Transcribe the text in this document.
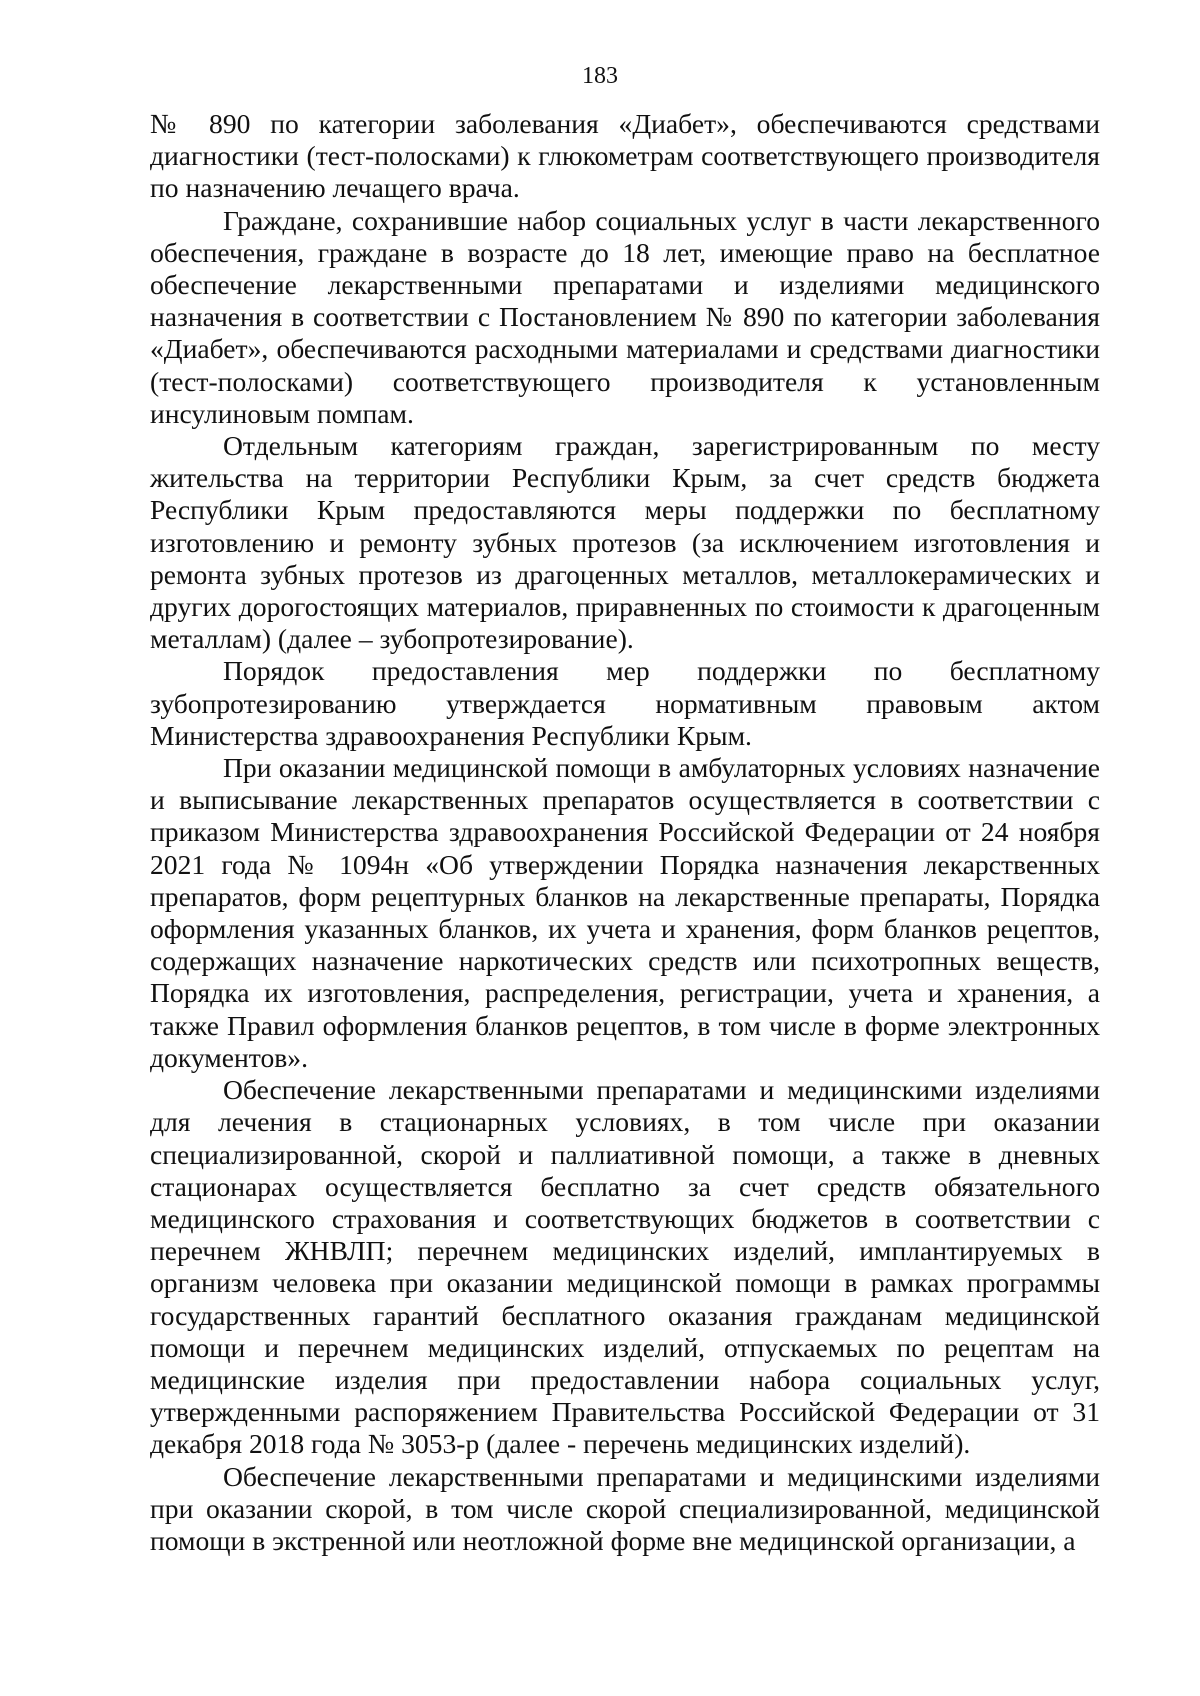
183

№ 890 по категории заболевания «Диабет», обеспечиваются средствами диагностики (тест-полосками) к глюкометрам соответствующего производителя по назначению лечащего врача.

Граждане, сохранившие набор социальных услуг в части лекарственного обеспечения, граждане в возрасте до 18 лет, имеющие право на бесплатное обеспечение лекарственными препаратами и изделиями медицинского назначения в соответствии с Постановлением № 890 по категории заболевания «Диабет», обеспечиваются расходными материалами и средствами диагностики (тест-полосками) соответствующего производителя к установленным инсулиновым помпам.

Отдельным категориям граждан, зарегистрированным по месту жительства на территории Республики Крым, за счет средств бюджета Республики Крым предоставляются меры поддержки по бесплатному изготовлению и ремонту зубных протезов (за исключением изготовления и ремонта зубных протезов из драгоценных металлов, металлокерамических и других дорогостоящих материалов, приравненных по стоимости к драгоценным металлам) (далее – зубопротезирование).

Порядок предоставления мер поддержки по бесплатному зубопротезированию утверждается нормативным правовым актом Министерства здравоохранения Республики Крым.

При оказании медицинской помощи в амбулаторных условиях назначение и выписывание лекарственных препаратов осуществляется в соответствии с приказом Министерства здравоохранения Российской Федерации от 24 ноября 2021 года № 1094н «Об утверждении Порядка назначения лекарственных препаратов, форм рецептурных бланков на лекарственные препараты, Порядка оформления указанных бланков, их учета и хранения, форм бланков рецептов, содержащих назначение наркотических средств или психотропных веществ, Порядка их изготовления, распределения, регистрации, учета и хранения, а также Правил оформления бланков рецептов, в том числе в форме электронных документов».

Обеспечение лекарственными препаратами и медицинскими изделиями для лечения в стационарных условиях, в том числе при оказании специализированной, скорой и паллиативной помощи, а также в дневных стационарах осуществляется бесплатно за счет средств обязательного медицинского страхования и соответствующих бюджетов в соответствии с перечнем ЖНВЛП; перечнем медицинских изделий, имплантируемых в организм человека при оказании медицинской помощи в рамках программы государственных гарантий бесплатного оказания гражданам медицинской помощи и перечнем медицинских изделий, отпускаемых по рецептам на медицинские изделия при предоставлении набора социальных услуг, утвержденными распоряжением Правительства Российской Федерации от 31 декабря 2018 года № 3053-р (далее - перечень медицинских изделий).

Обеспечение лекарственными препаратами и медицинскими изделиями при оказании скорой, в том числе скорой специализированной, медицинской помощи в экстренной или неотложной форме вне медицинской организации, а
